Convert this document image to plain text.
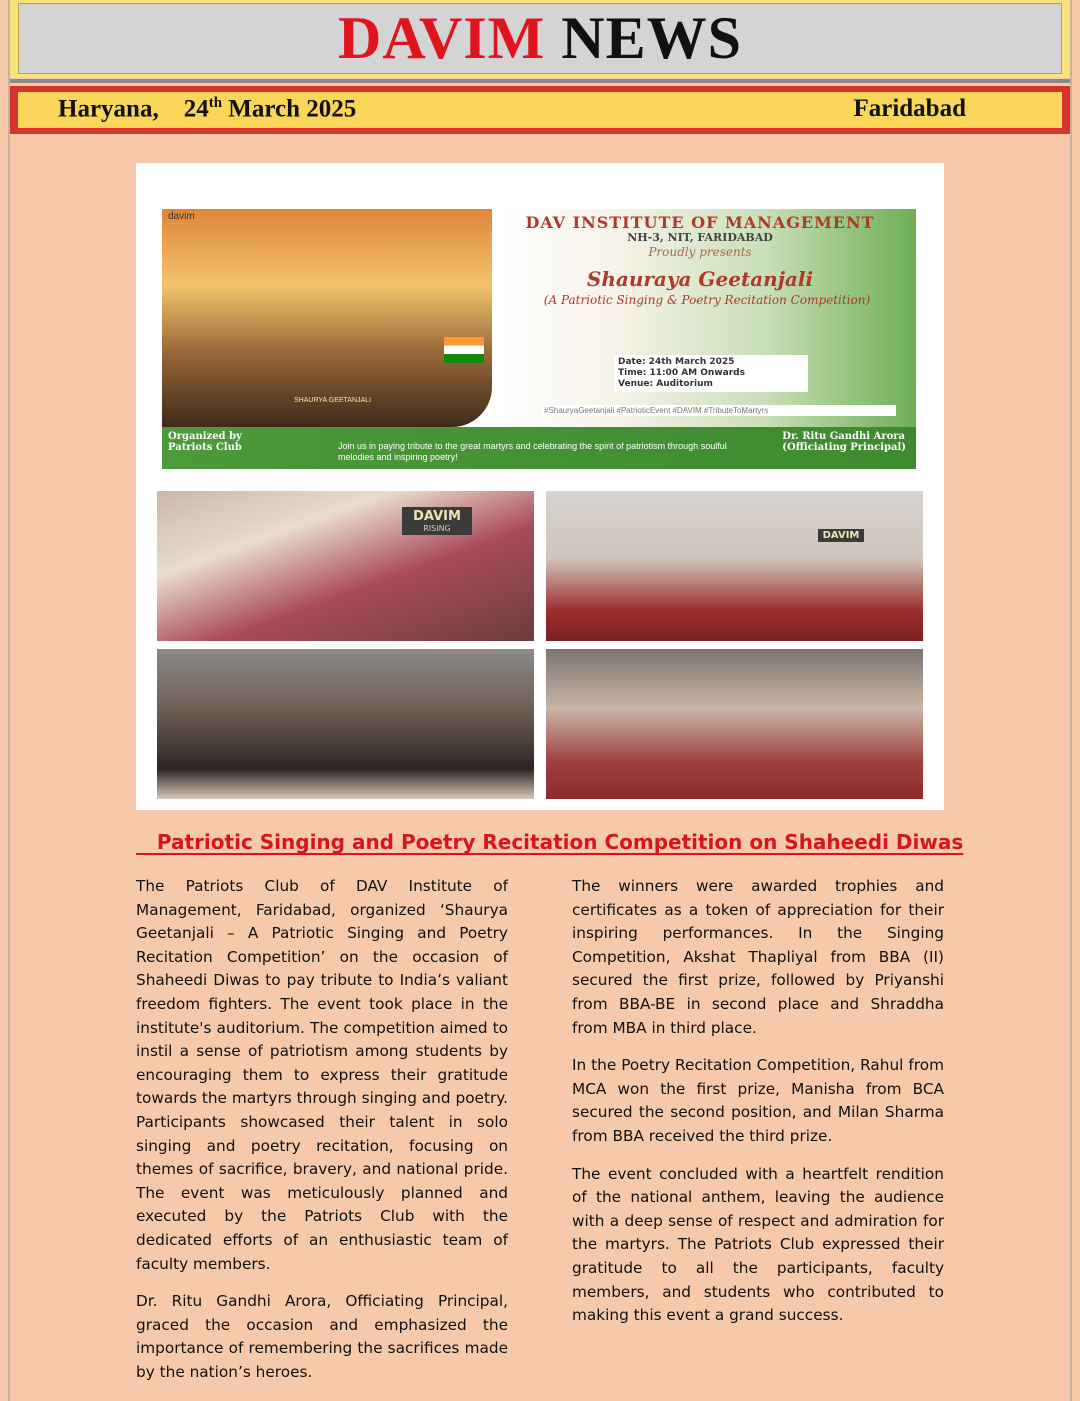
DAVIM NEWS
Haryana, 24th March 2025	Faridabad
davim
SHAURYA GEETANJALI
DAV INSTITUTE OF MANAGEMENT
NH-3, NIT, FARIDABAD
Proudly presents
Shauraya Geetanjali
(A Patriotic Singing & Poetry Recitation Competition)
Date: 24th March 2025
Time: 11:00 AM Onwards
Venue: Auditorium
#ShauryaGeetanjali #PatrioticEvent #DAVIM #TributeToMartyrs
Organized by
Patriots Club	Join us in paying tribute to the great martyrs and celebrating the spirit of patriotism through soulful melodies and inspiring poetry!
Dr. Ritu Gandhi Arora
(Officiating Principal)
DAVIM
RISING
DAVIM
Patriotic Singing and Poetry Recitation Competition on Shaheedi Diwas

The Patriots Club of DAV Institute of Management, Faridabad, organized ‘Shaurya Geetanjali – A Patriotic Singing and Poetry Recitation Competition’ on the occasion of Shaheedi Diwas to pay tribute to India’s valiant freedom fighters. The event took place in the institute's auditorium. The competition aimed to instil a sense of patriotism among students by encouraging them to express their gratitude towards the martyrs through singing and poetry. Participants showcased their talent in solo singing and poetry recitation, focusing on themes of sacrifice, bravery, and national pride. The event was meticulously planned and executed by the Patriots Club with the dedicated efforts of an enthusiastic team of faculty members.

Dr. Ritu Gandhi Arora, Officiating Principal, graced the occasion and emphasized the importance of remembering the sacrifices made by the nation’s heroes.

The winners were awarded trophies and certificates as a token of appreciation for their inspiring performances. In the Singing Competition, Akshat Thapliyal from BBA (II) secured the first prize, followed by Priyanshi from BBA-BE in second place and Shraddha from MBA in third place.

In the Poetry Recitation Competition, Rahul from MCA won the first prize, Manisha from BCA secured the second position, and Milan Sharma from BBA received the third prize.

The event concluded with a heartfelt rendition of the national anthem, leaving the audience with a deep sense of respect and admiration for the martyrs. The Patriots Club expressed their gratitude to all the participants, faculty members, and students who contributed to making this event a grand success.
